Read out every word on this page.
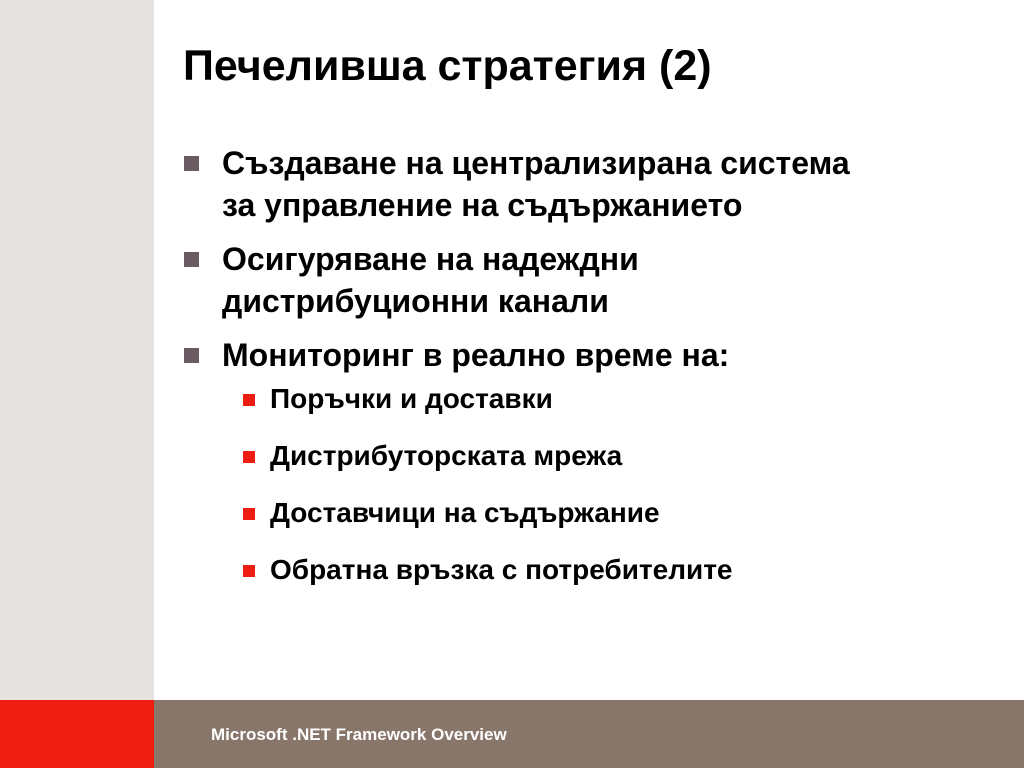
Печеливша стратегия (2)
Създаване на централизирана система за управление на съдържанието
Осигуряване на надеждни дистрибуционни канали
Мониторинг в реално време на:
Поръчки и доставки
Дистрибуторската мрежа
Доставчици на съдържание
Обратна връзка с потребителите
Microsoft .NET Framework Overview
